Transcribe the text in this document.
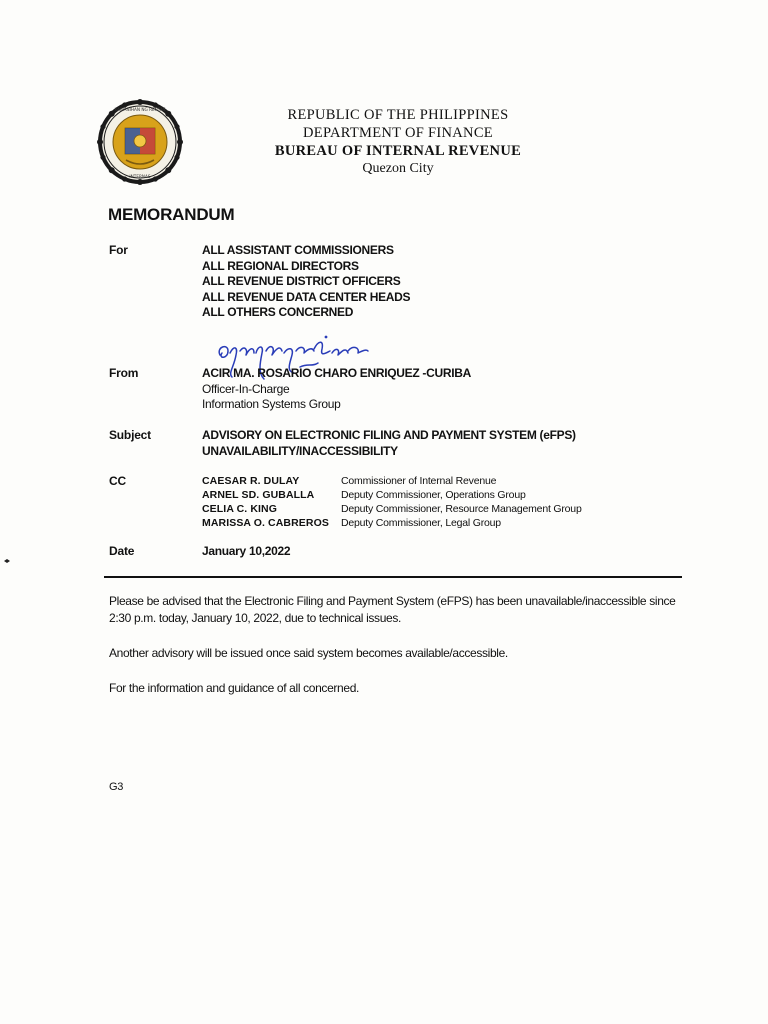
KAWANIHAN NG RENTAS
INTERNAS
REPUBLIC OF THE PHILIPPINES
DEPARTMENT OF FINANCE
BUREAU OF INTERNAL REVENUE
Quezon City
MEMORANDUM
For	ALL ASSISTANT COMMISSIONERS
ALL REGIONAL DIRECTORS
ALL REVENUE DISTRICT OFFICERS
ALL REVENUE DATA CENTER HEADS
ALL OTHERS CONCERNED
From	ACIR MA. ROSARIO CHARO ENRIQUEZ -CURIBA
Officer-In-Charge
Information Systems Group
Subject	ADVISORY ON ELECTRONIC FILING AND PAYMENT SYSTEM (eFPS)
UNAVAILABILITY/INACCESSIBILITY
CC	CAESAR R. DULAY	Commissioner of Internal Revenue
ARNEL SD. GUBALLA	Deputy Commissioner, Operations Group
CELIA C. KING	Deputy Commissioner, Resource Management Group
MARISSA O. CABREROS	Deputy Commissioner, Legal Group
Date	January 10,2022
Please be advised that the Electronic Filing and Payment System (eFPS) has been unavailable/inaccessible since 2:30 p.m. today, January 10, 2022, due to technical issues.
Another advisory will be issued once said system becomes available/accessible.
For the information and guidance of all concerned.
G3
